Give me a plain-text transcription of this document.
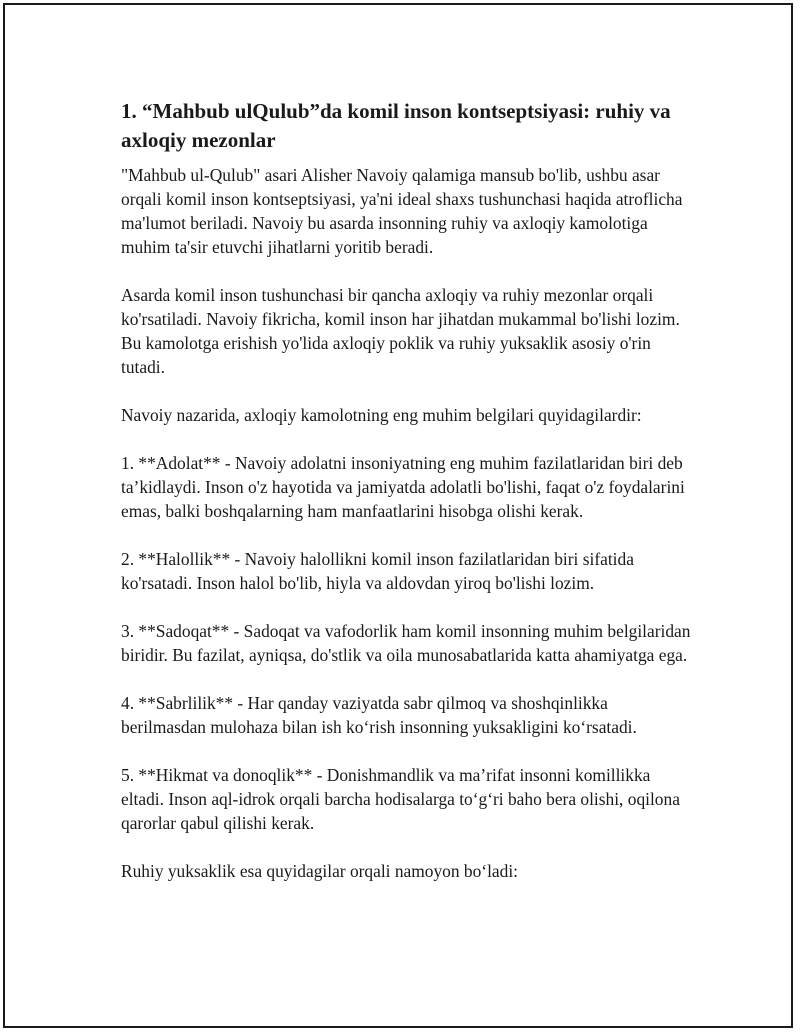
1. “Mahbub ulQulub”da komil inson kontseptsiyasi: ruhiy va axloqiy mezonlar

"Mahbub ul-Qulub" asari Alisher Navoiy qalamiga mansub bo'lib, ushbu asar orqali komil inson kontseptsiyasi, ya'ni ideal shaxs tushunchasi haqida atroflicha ma'lumot beriladi. Navoiy bu asarda insonning ruhiy va axloqiy kamolotiga muhim ta'sir etuvchi jihatlarni yoritib beradi.

Asarda komil inson tushunchasi bir qancha axloqiy va ruhiy mezonlar orqali ko'rsatiladi. Navoiy fikricha, komil inson har jihatdan mukammal bo'lishi lozim. Bu kamolotga erishish yo'lida axloqiy poklik va ruhiy yuksaklik asosiy o'rin tutadi.

Navoiy nazarida, axloqiy kamolotning eng muhim belgilari quyidagilardir:

1. **Adolat** - Navoiy adolatni insoniyatning eng muhim fazilatlaridan biri deb ta’kidlaydi. Inson o'z hayotida va jamiyatda adolatli bo'lishi, faqat o'z foydalarini emas, balki boshqalarning ham manfaatlarini hisobga olishi kerak.

2. **Halollik** - Navoiy halollikni komil inson fazilatlaridan biri sifatida ko'rsatadi. Inson halol bo'lib, hiyla va aldovdan yiroq bo'lishi lozim.

3. **Sadoqat** - Sadoqat va vafodorlik ham komil insonning muhim belgilaridan biridir. Bu fazilat, ayniqsa, do'stlik va oila munosabatlarida katta ahamiyatga ega.

4. **Sabrlilik** - Har qanday vaziyatda sabr qilmoq va shoshqinlikka berilmasdan mulohaza bilan ish ko‘rish insonning yuksakligini ko‘rsatadi.

5. **Hikmat va donoqlik** - Donishmandlik va ma’rifat insonni komillikka eltadi. Inson aql-idrok orqali barcha hodisalarga to‘g‘ri baho bera olishi, oqilona qarorlar qabul qilishi kerak.

Ruhiy yuksaklik esa quyidagilar orqali namoyon bo‘ladi:
